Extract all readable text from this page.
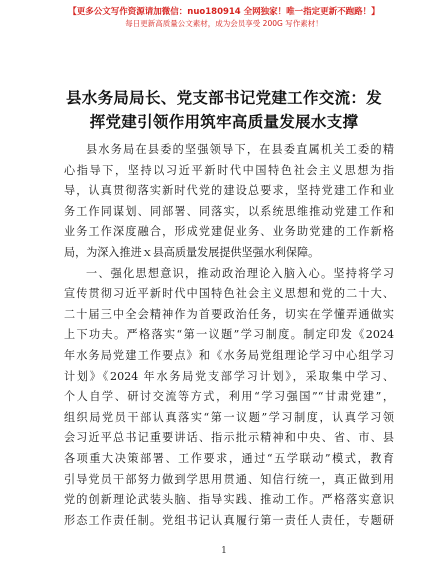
【更多公文写作资源请加微信：nuo180914 全网独家！唯一指定更新不跑路！】
每日更新高质量公文素材，成为会员享受 200G 写作素材！
县水务局局长、党支部书记党建工作交流：发
挥党建引领作用筑牢高质量发展水支撑
县水务局在县委的坚强领导下，在县委直属机关工委的精
心指导下，坚持以习近平新时代中国特色社会主义思想为指
导，认真贯彻落实新时代党的建设总要求，坚持党建工作和业
务工作同谋划、同部署、同落实，以系统思维推动党建工作和
业务工作深度融合，形成党建促业务、业务助党建的工作新格
局，为深入推进ｘ县高质量发展提供坚强水利保障。
一、强化思想意识，推动政治理论入脑入心。坚持将学习
宣传贯彻习近平新时代中国特色社会主义思想和党的二十大、
二十届三中全会精神作为首要政治任务，切实在学懂弄通做实
上下功夫。严格落实“第一议题”学习制度。制定印发《2024
年水务局党建工作要点》和《水务局党组理论学习中心组学习
计划》《2024 年水务局党支部学习计划》，采取集中学习、
个人自学、研讨交流等方式，利用“学习强国”“甘肃党建”，
组织局党员干部认真落实“第一议题”学习制度，认真学习领
会习近平总书记重要讲话、指示批示精神和中央、省、市、县
各项重大决策部署、工作要求，通过“五学联动”模式，教育
引导党员干部努力做到学思用贯通、知信行统一，真正做到用
党的创新理论武装头脑、指导实践、推动工作。严格落实意识
形态工作责任制。党组书记认真履行第一责任人责任，专题研
1
